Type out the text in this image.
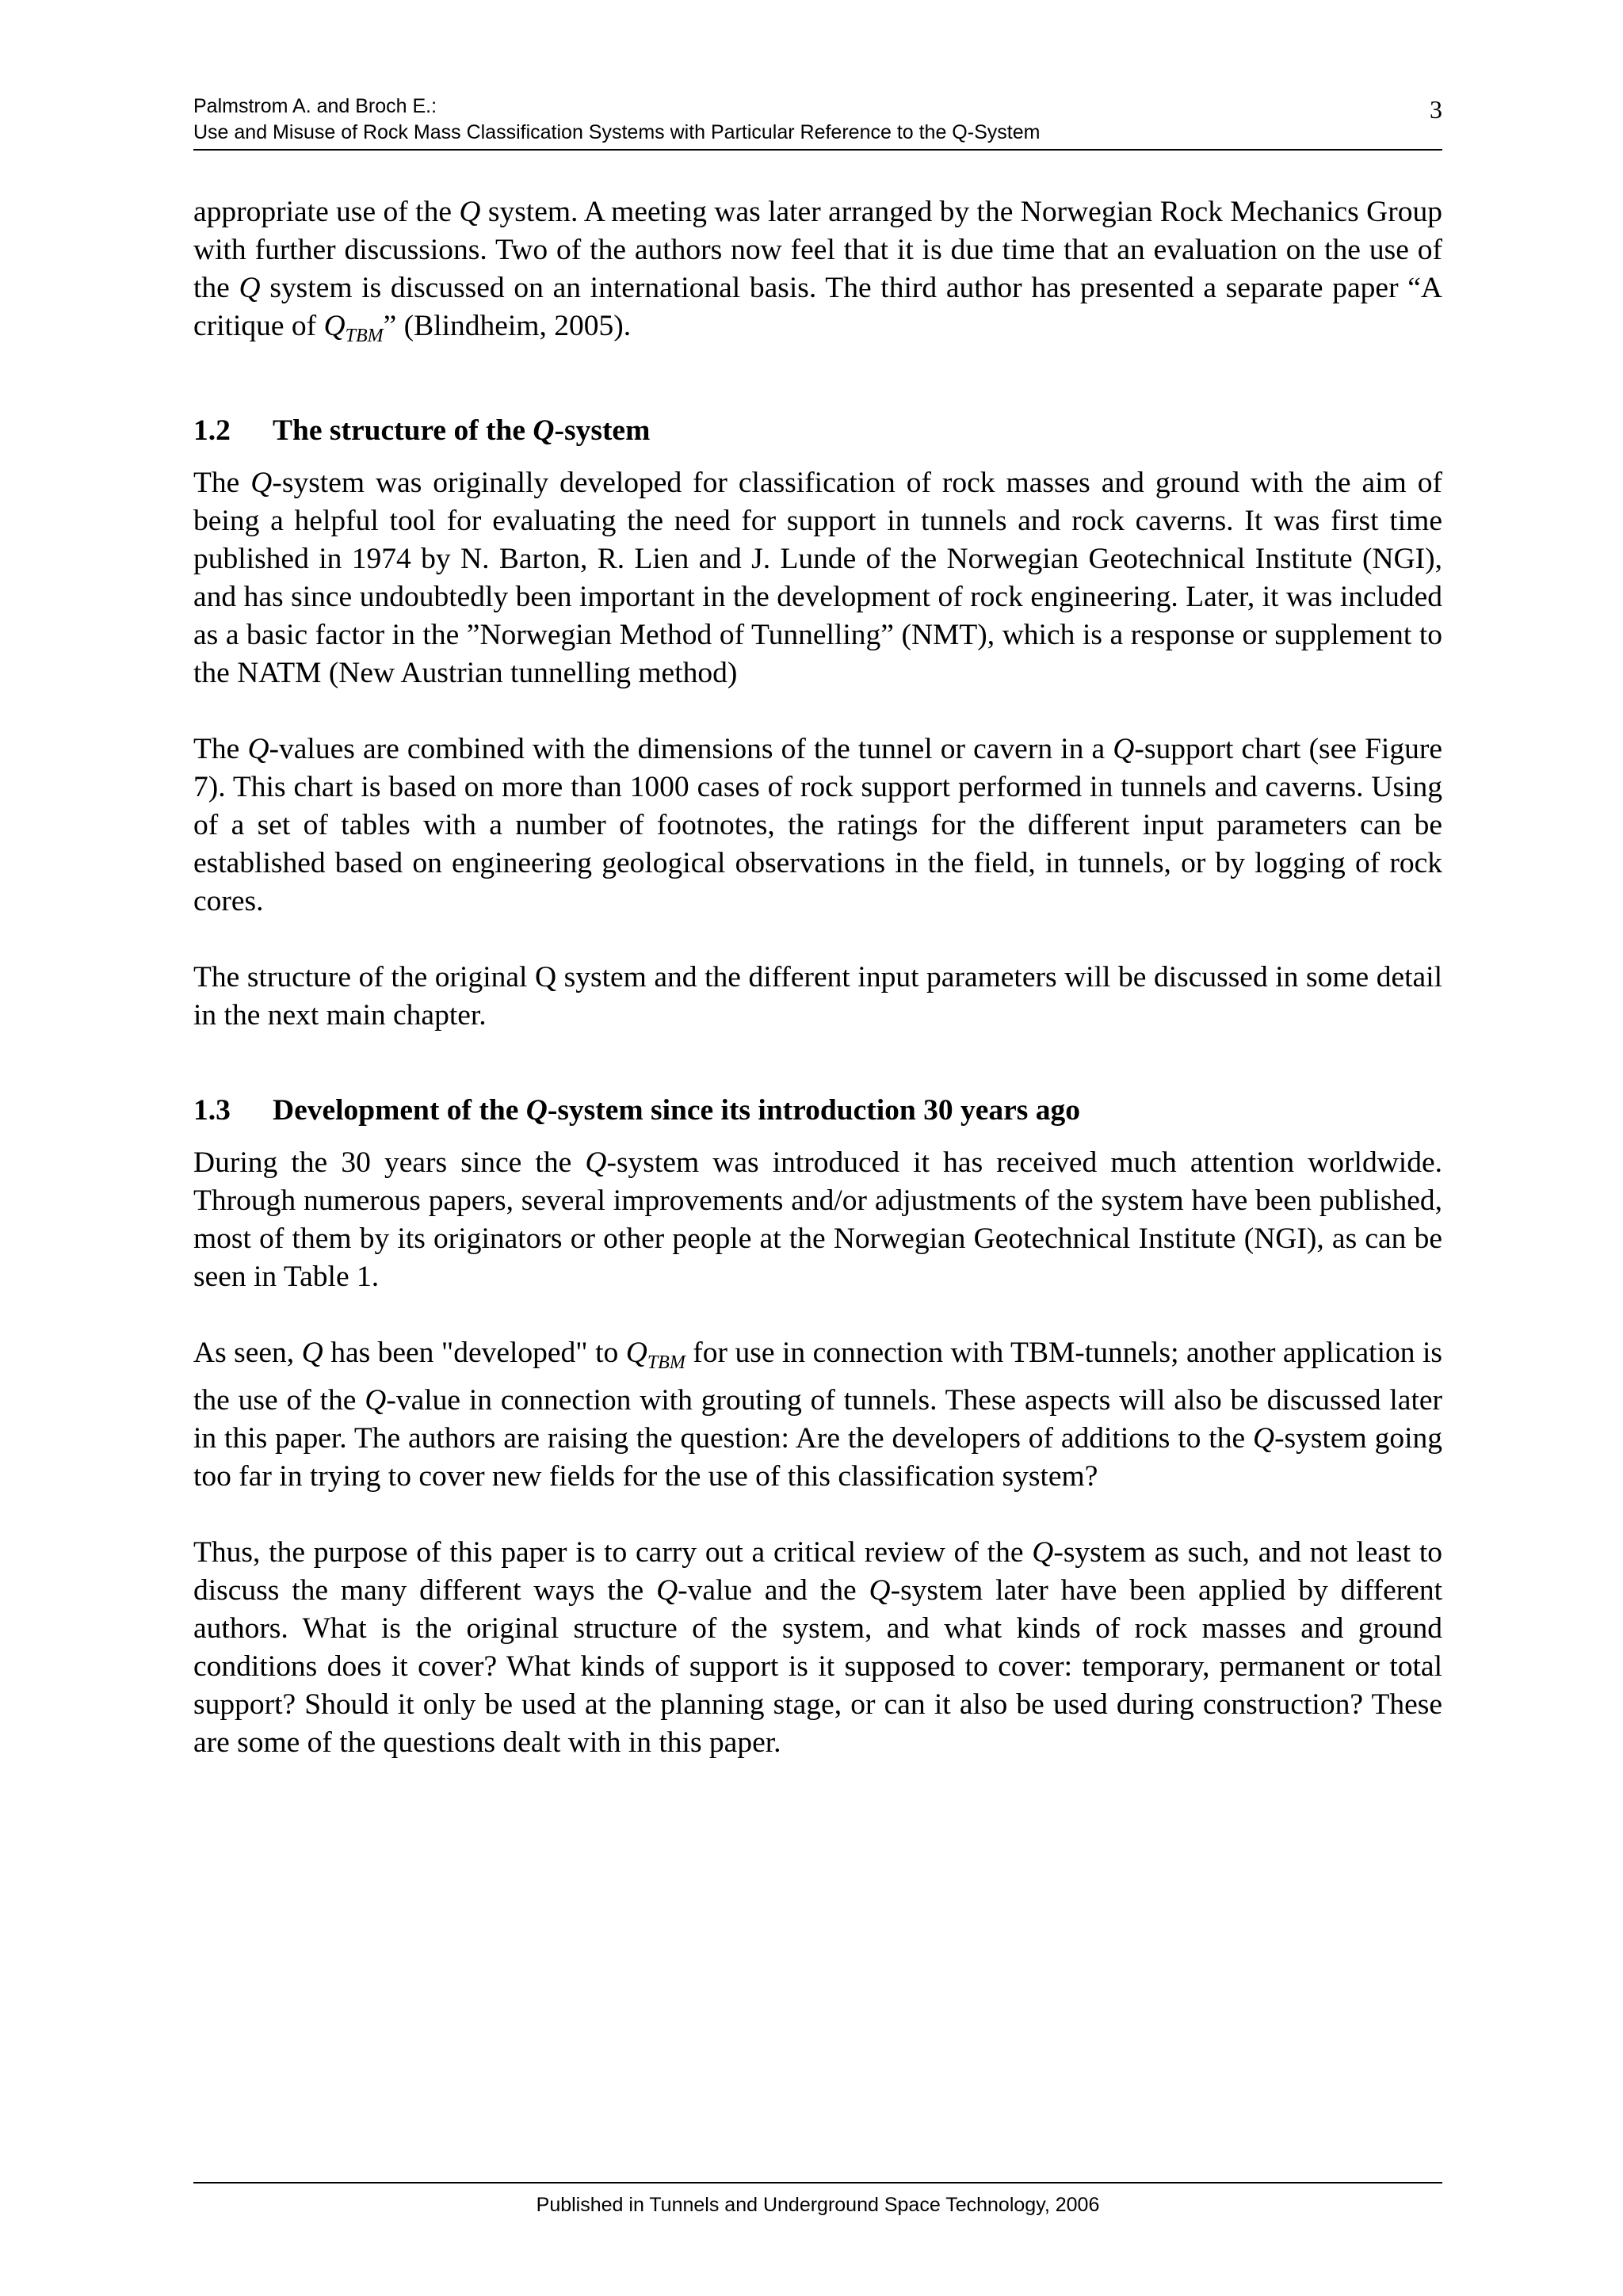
Palmstrom A. and Broch E.:
Use and Misuse of Rock Mass Classification Systems with Particular Reference to the Q-System
3

appropriate use of the Q system. A meeting was later arranged by the Norwegian Rock Mechanics Group with further discussions. Two of the authors now feel that it is due time that an evaluation on the use of the Q system is discussed on an international basis. The third author has presented a separate paper “A critique of $Q_{TBM}$” (Blindheim, 2005).

1.2 The structure of the Q-system

The Q-system was originally developed for classification of rock masses and ground with the aim of being a helpful tool for evaluating the need for support in tunnels and rock caverns. It was first time published in 1974 by N. Barton, R. Lien and J. Lunde of the Norwegian Geotechnical Institute (NGI), and has since undoubtedly been important in the development of rock engineering. Later, it was included as a basic factor in the ”Norwegian Method of Tunnelling” (NMT), which is a response or supplement to the NATM (New Austrian tunnelling method)

The Q-values are combined with the dimensions of the tunnel or cavern in a Q-support chart (see Figure 7). This chart is based on more than 1000 cases of rock support performed in tunnels and caverns. Using of a set of tables with a number of footnotes, the ratings for the different input parameters can be established based on engineering geological observations in the field, in tunnels, or by logging of rock cores.

The structure of the original Q system and the different input parameters will be discussed in some detail in the next main chapter.

1.3 Development of the Q-system since its introduction 30 years ago

During the 30 years since the Q-system was introduced it has received much attention worldwide. Through numerous papers, several improvements and/or adjustments of the system have been published, most of them by its originators or other people at the Norwegian Geotechnical Institute (NGI), as can be seen in Table 1.

As seen, Q has been "developed" to $Q_{TBM}$ for use in connection with TBM-tunnels; another application is the use of the Q-value in connection with grouting of tunnels. These aspects will also be discussed later in this paper. The authors are raising the question: Are the developers of additions to the Q-system going too far in trying to cover new fields for the use of this classification system?

Thus, the purpose of this paper is to carry out a critical review of the Q-system as such, and not least to discuss the many different ways the Q-value and the Q-system later have been applied by different authors. What is the original structure of the system, and what kinds of rock masses and ground conditions does it cover? What kinds of support is it supposed to cover: temporary, permanent or total support? Should it only be used at the planning stage, or can it also be used during construction? These are some of the questions dealt with in this paper.

Published in Tunnels and Underground Space Technology, 2006
